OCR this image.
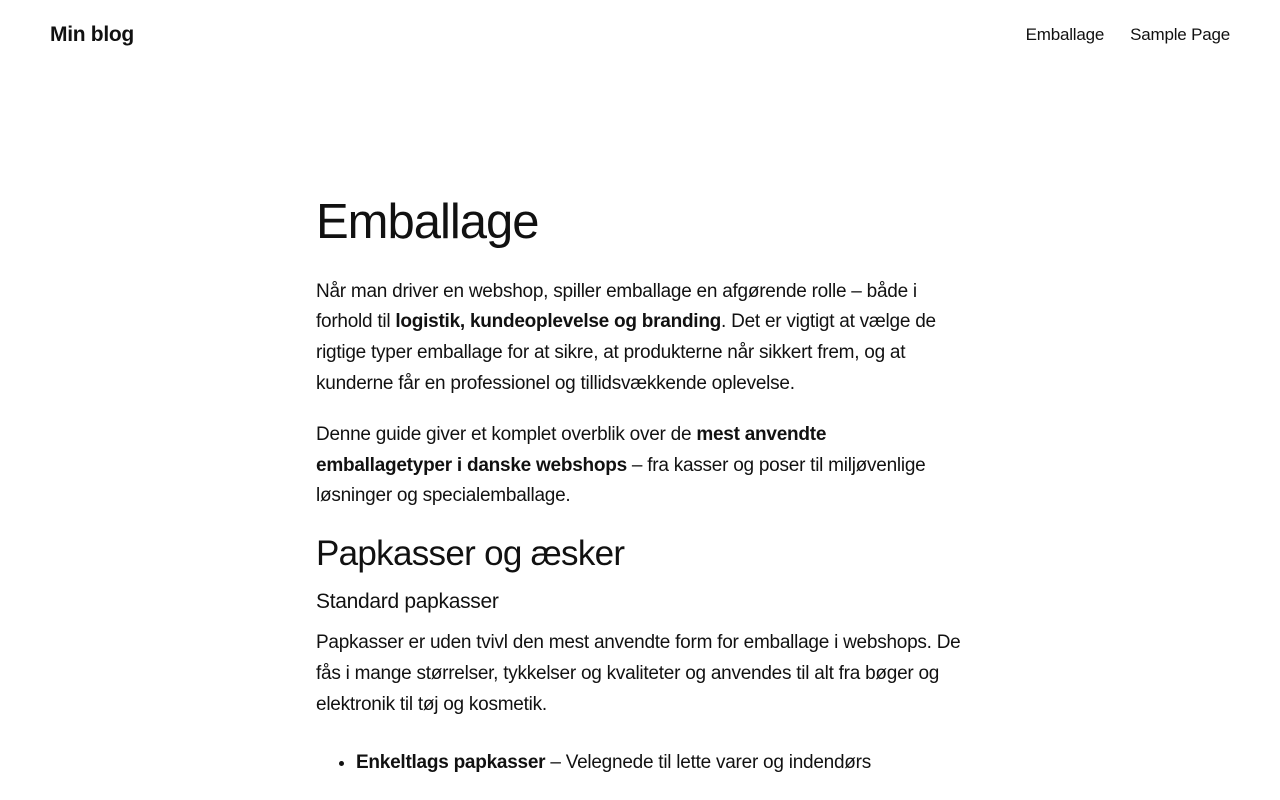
Min blog	Emballage Sample Page
Emballage

Når man driver en webshop, spiller emballage en afgørende rolle – både i forhold til logistik, kundeoplevelse og branding. Det er vigtigt at vælge de rigtige typer emballage for at sikre, at produkterne når sikkert frem, og at kunderne får en professionel og tillidsvækkende oplevelse.

Denne guide giver et komplet overblik over de mest anvendte emballagetyper i danske webshops – fra kasser og poser til miljøvenlige løsninger og specialemballage.

Papkasser og æsker
Standard papkasser

Papkasser er uden tvivl den mest anvendte form for emballage i webshops. De fås i mange størrelser, tykkelser og kvaliteter og anvendes til alt fra bøger og elektronik til tøj og kosmetik.

• Enkeltlags papkasser – Velegnede til lette varer og indendørs
